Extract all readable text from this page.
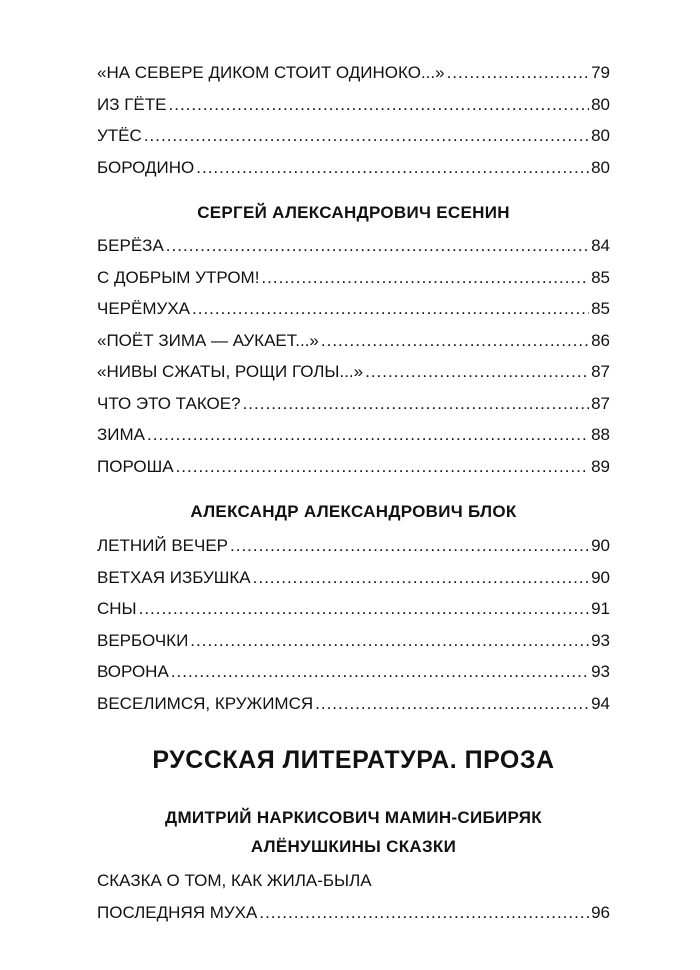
«НА СЕВЕРЕ ДИКОМ СТОИТ ОДИНОКО...» .....	79
ИЗ ГЁТЕ .....	80
УТЁС .....	80
БОРОДИНО .....	80
СЕРГЕЙ АЛЕКСАНДРОВИЧ ЕСЕНИН
БЕРЁЗА .....	84
С ДОБРЫМ УТРОМ! .....	85
ЧЕРЁМУХА .....	85
«ПОЁТ ЗИМА — АУКАЕТ...» .....	86
«НИВЫ СЖАТЫ, РОЩИ ГОЛЫ...» .....	87
ЧТО ЭТО ТАКОЕ? .....	87
ЗИМА .....	88
ПОРОША .....	89
АЛЕКСАНДР АЛЕКСАНДРОВИЧ БЛОК
ЛЕТНИЙ ВЕЧЕР .....	90
ВЕТХАЯ ИЗБУШКА .....	90
СНЫ .....	91
ВЕРБОЧКИ .....	93
ВОРОНА .....	93
ВЕСЕЛИМСЯ, КРУЖИМСЯ .....	94
РУССКАЯ ЛИТЕРАТУРА. ПРОЗА
ДМИТРИЙ НАРКИСОВИЧ МАМИН-СИБИРЯК
АЛЁНУШКИНЫ СКАЗКИ
СКАЗКА О ТОМ, КАК ЖИЛА-БЫЛА
ПОСЛЕДНЯЯ МУХА .....	96
